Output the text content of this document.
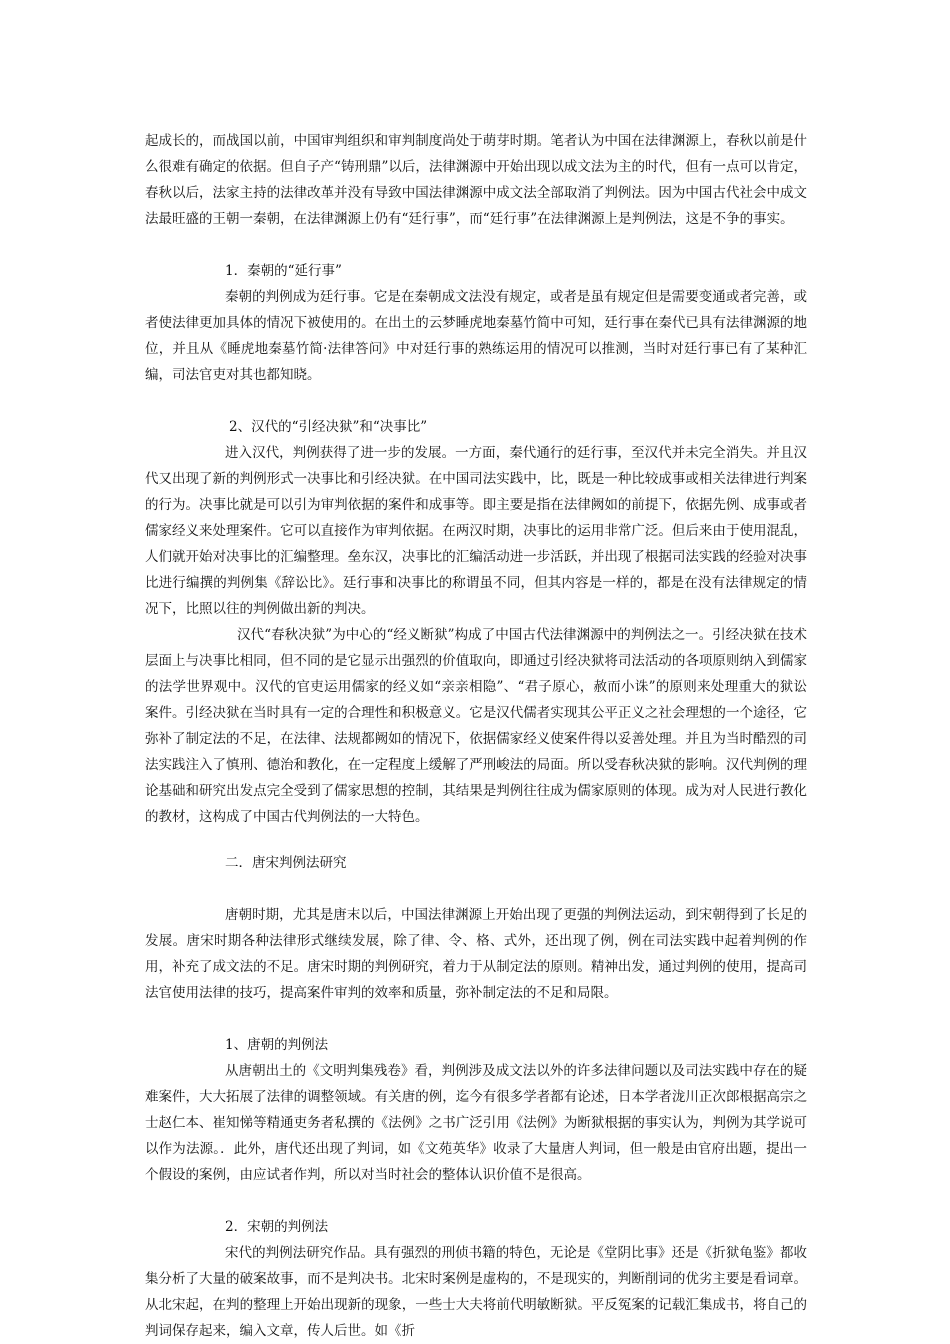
起成长的，而战国以前，中国审判组织和审判制度尚处于萌芽时期。笔者认为中国在法律渊源上，春秋以前是什么很难有确定的依据。但自子产“铸刑鼎”以后，法律渊源中开始出现以成文法为主的时代，但有一点可以肯定，春秋以后，法家主持的法律改革并没有导致中国法律渊源中成文法全部取消了判例法。因为中国古代社会中成文法最旺盛的王朝一秦朝，在法律渊源上仍有“廷行事”，而“廷行事”在法律渊源上是判例法，这是不争的事实。

1．秦朝的“延行事”

秦朝的判例成为廷行事。它是在秦朝成文法没有规定，或者是虽有规定但是需要变通或者完善，或者使法律更加具体的情况下被使用的。在出土的云梦睡虎地秦墓竹简中可知，廷行事在秦代已具有法律渊源的地位，并且从《睡虎地秦墓竹简·法律答问》中对廷行事的熟练运用的情况可以推测，当时对廷行事已有了某种汇编，司法官吏对其也都知晓。

2、汉代的“引经决狱”和“决事比”

进入汉代，判例获得了进一步的发展。一方面，秦代通行的廷行事，至汉代并未完全消失。并且汉代又出现了新的判例形式一决事比和引经决狱。在中国司法实践中，比，既是一种比较成事或相关法律进行判案的行为。决事比就是可以引为审判依据的案件和成事等。即主要是指在法律阙如的前提下，依据先例、成事或者儒家经义来处理案件。它可以直接作为审判依据。在两汉时期，决事比的运用非常广泛。但后来由于使用混乱，人们就开始对决事比的汇编整理。垒东汉，决事比的汇编活动进一步活跃，并出现了根据司法实践的经验对决事比进行编撰的判例集《辞讼比》。廷行事和决事比的称谓虽不同，但其内容是一样的，都是在没有法律规定的情况下，比照以往的判例做出新的判决。

汉代“春秋决狱”为中心的“经义断狱”构成了中国古代法律渊源中的判例法之一。引经决狱在技术层面上与决事比相同，但不同的是它显示出强烈的价值取向，即通过引经决狱将司法活动的各项原则纳入到儒家的法学世界观中。汉代的官吏运用儒家的经义如“亲亲相隐”、“君子原心，赦而小诛”的原则来处理重大的狱讼案件。引经决狱在当时具有一定的合理性和积极意义。它是汉代儒者实现其公平正义之社会理想的一个途径，它弥补了制定法的不足，在法律、法规都阙如的情况下，依据儒家经义使案件得以妥善处理。并且为当时酷烈的司法实践注入了慎刑、德治和教化，在一定程度上缓解了严刑峻法的局面。所以受春秋决狱的影响。汉代判例的理论基础和研究出发点完全受到了儒家思想的控制，其结果是判例往往成为儒家原则的体现。成为对人民进行教化的教材，这构成了中国古代判例法的一大特色。

二．唐宋判例法研究

唐朝时期，尤其是唐末以后，中国法律渊源上开始出现了更强的判例法运动，到宋朝得到了长足的发展。唐宋时期各种法律形式继续发展，除了律、令、格、式外，还出现了例，例在司法实践中起着判例的作用，补充了成文法的不足。唐宋时期的判例研究，着力于从制定法的原则。精神出发，通过判例的使用，提高司法官使用法律的技巧，提高案件审判的效率和质量，弥补制定法的不足和局限。

1、唐朝的判例法

从唐朝出土的《文明判集残卷》看，判例涉及成文法以外的许多法律问题以及司法实践中存在的疑难案件，大大拓展了法律的调整领域。有关唐的例，迄今有很多学者都有论述，日本学者泷川正次郎根据高宗之士赵仁本、崔知悌等精通吏务者私撰的《法例》之书广泛引用《法例》为断狱根据的事实认为，判例为其学说可以作为法源。．此外，唐代还出现了判词，如《文苑英华》收录了大量唐人判词，但一般是由官府出题，提出一个假设的案例，由应试者作判，所以对当时社会的整体认识价值不是很高。

2．宋朝的判例法

宋代的判例法研究作品。具有强烈的刑侦书籍的特色，无论是《堂阴比事》还是《折狱龟鉴》都收集分析了大量的破案故事，而不是判决书。北宋时案例是虚构的，不是现实的，判断削词的优劣主要是看词章。从北宋起，在判的整理上开始出现新的现象，一些士大夫将前代明敏断狱。平反冤案的记载汇集成书，将自己的判词保存起来，编入文章，传人后世。如《折
